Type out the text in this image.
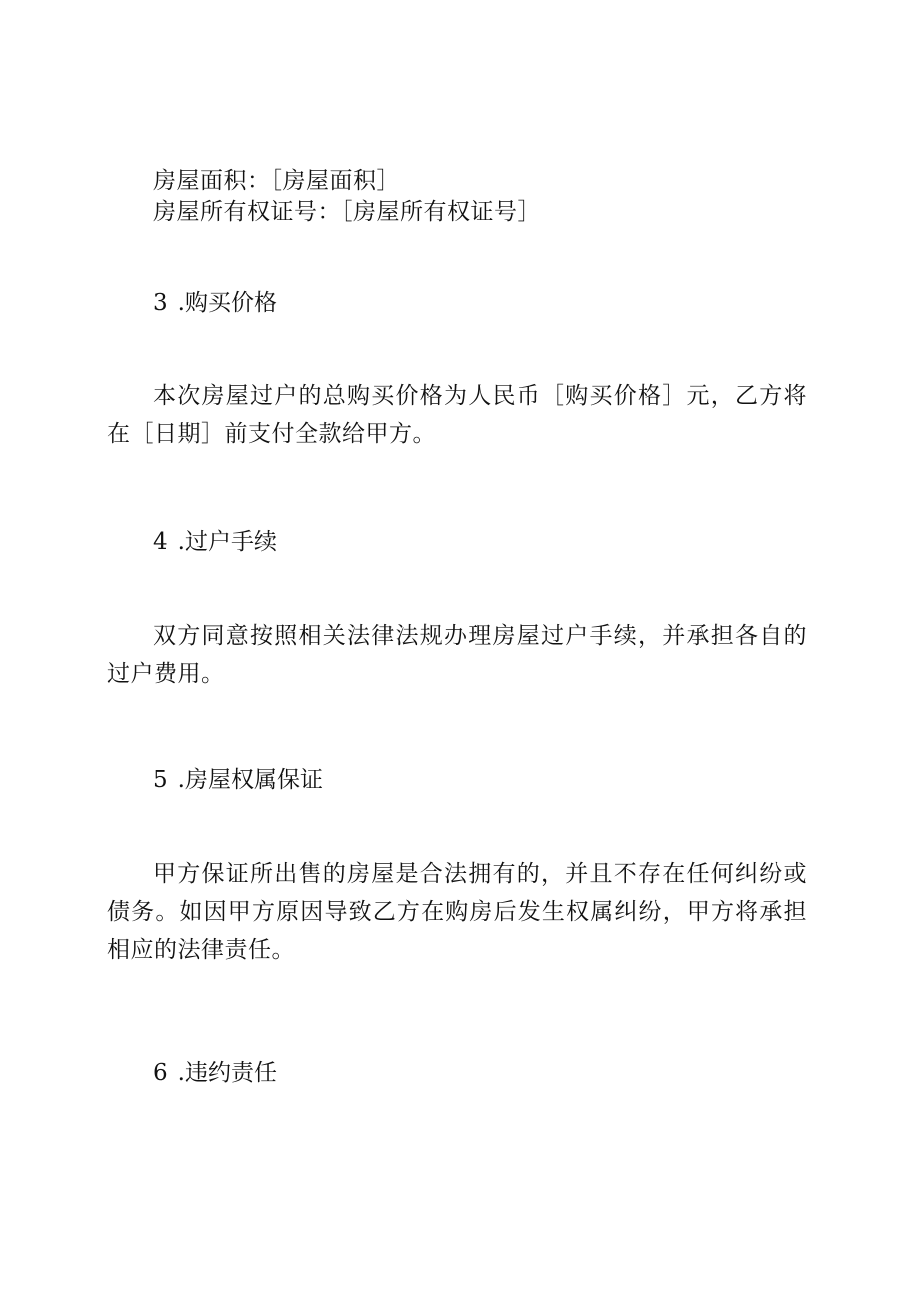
房屋面积：［房屋面积］
房屋所有权证号：［房屋所有权证号］
3 .购买价格
本次房屋过户的总购买价格为人民币［购买价格］元，乙方将在［日期］前支付全款给甲方。
4 .过户手续
双方同意按照相关法律法规办理房屋过户手续，并承担各自的过户费用。
5 .房屋权属保证
甲方保证所出售的房屋是合法拥有的，并且不存在任何纠纷或债务。如因甲方原因导致乙方在购房后发生权属纠纷，甲方将承担相应的法律责任。
6 .违约责任
